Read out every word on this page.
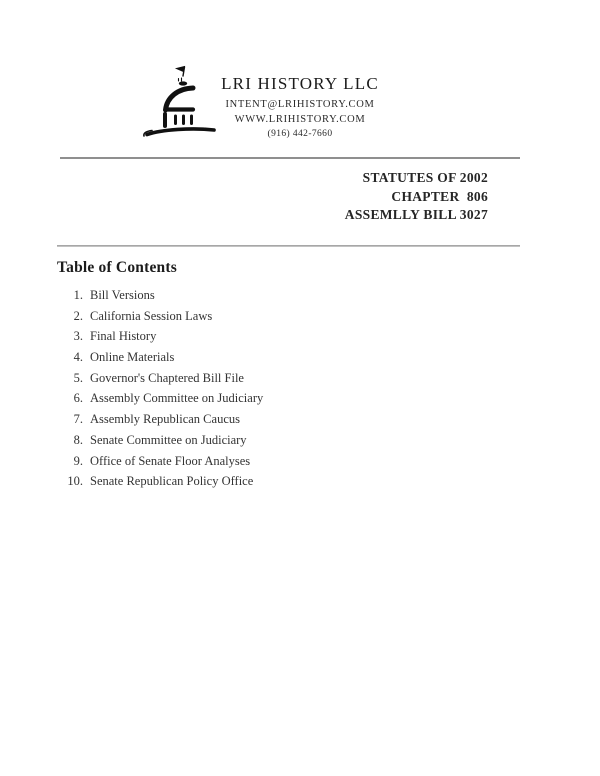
LRI HISTORY LLC
INTENT@LRIHISTORY.COM
WWW.LRIHISTORY.COM
(916) 442-7660
STATUTES OF 2002
CHAPTER  806
ASSEMLLY BILL 3027
Table of Contents
1. Bill Versions
2. California Session Laws
3. Final History
4. Online Materials
5. Governor's Chaptered Bill File
6. Assembly Committee on Judiciary
7. Assembly Republican Caucus
8. Senate Committee on Judiciary
9. Office of Senate Floor Analyses
10. Senate Republican Policy Office
